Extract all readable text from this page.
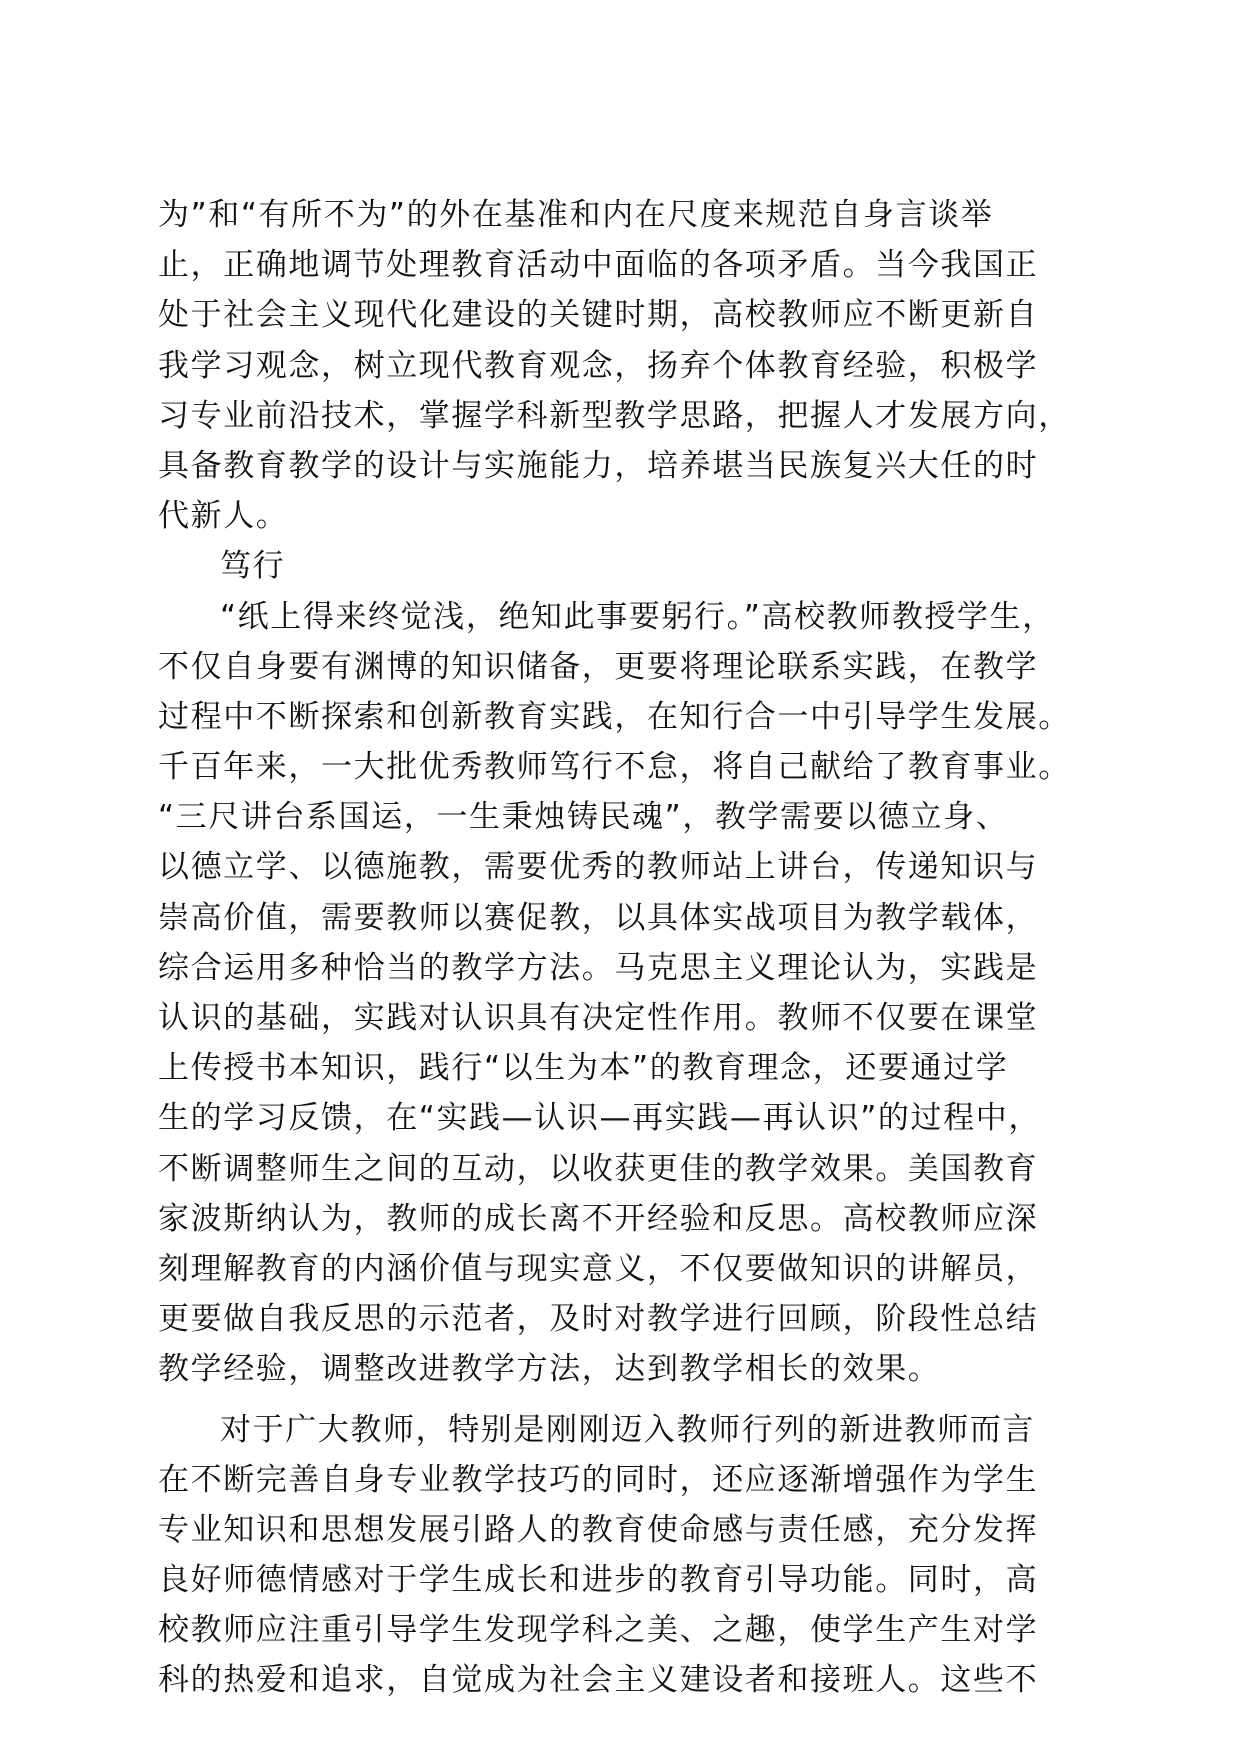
为”和“有所不为”的外在基准和内在尺度来规范自身言谈举
止，正确地调节处理教育活动中面临的各项矛盾。当今我国正
处于社会主义现代化建设的关键时期，高校教师应不断更新自
我学习观念，树立现代教育观念，扬弃个体教育经验，积极学
习专业前沿技术，掌握学科新型教学思路，把握人才发展方向，
具备教育教学的设计与实施能力，培养堪当民族复兴大任的时
代新人。
笃行
“纸上得来终觉浅，绝知此事要躬行。”高校教师教授学生，
不仅自身要有渊博的知识储备，更要将理论联系实践，在教学
过程中不断探索和创新教育实践，在知行合一中引导学生发展。
千百年来，一大批优秀教师笃行不怠，将自己献给了教育事业。
“三尺讲台系国运，一生秉烛铸民魂”，教学需要以德立身、
以德立学、以德施教，需要优秀的教师站上讲台，传递知识与
崇高价值，需要教师以赛促教，以具体实战项目为教学载体，
综合运用多种恰当的教学方法。马克思主义理论认为，实践是
认识的基础，实践对认识具有决定性作用。教师不仅要在课堂
上传授书本知识，践行“以生为本”的教育理念，还要通过学
生的学习反馈，在“实践—认识—再实践—再认识”的过程中，
不断调整师生之间的互动，以收获更佳的教学效果。美国教育
家波斯纳认为，教师的成长离不开经验和反思。高校教师应深
刻理解教育的内涵价值与现实意义，不仅要做知识的讲解员，
更要做自我反思的示范者，及时对教学进行回顾，阶段性总结
教学经验，调整改进教学方法，达到教学相长的效果。
对于广大教师，特别是刚刚迈入教师行列的新进教师而言
在不断完善自身专业教学技巧的同时，还应逐渐增强作为学生
专业知识和思想发展引路人的教育使命感与责任感，充分发挥
良好师德情感对于学生成长和进步的教育引导功能。同时，高
校教师应注重引导学生发现学科之美、之趣，使学生产生对学
科的热爱和追求，自觉成为社会主义建设者和接班人。这些不
